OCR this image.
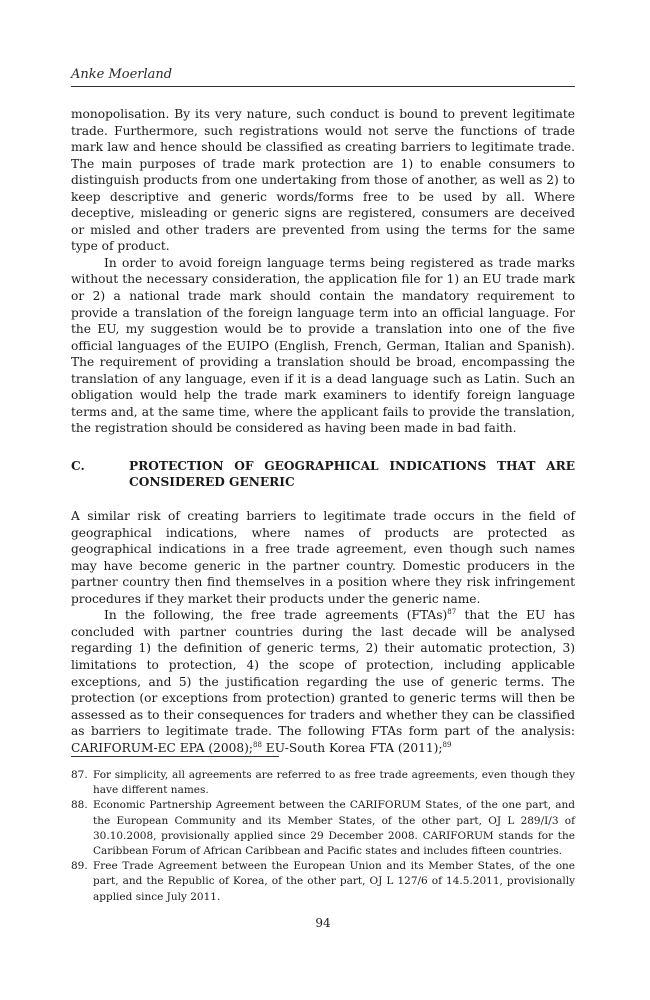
Anke Moerland

monopolisation. By its very nature, such conduct is bound to prevent legitimate trade. Furthermore, such registrations would not serve the functions of trade mark law and hence should be classified as creating barriers to legitimate trade. The main purposes of trade mark protection are 1) to enable consumers to distinguish products from one undertaking from those of another, as well as 2) to keep descriptive and generic words/forms free to be used by all. Where deceptive, misleading or generic signs are registered, consumers are deceived or misled and other traders are prevented from using the terms for the same type of product.

In order to avoid foreign language terms being registered as trade marks without the necessary consideration, the application file for 1) an EU trade mark or 2) a national trade mark should contain the mandatory requirement to provide a translation of the foreign language term into an official language. For the EU, my suggestion would be to provide a translation into one of the five official languages of the EUIPO (English, French, German, Italian and Spanish). The requirement of providing a translation should be broad, encompassing the translation of any language, even if it is a dead language such as Latin. Such an obligation would help the trade mark examiners to identify foreign language terms and, at the same time, where the applicant fails to provide the translation, the registration should be considered as having been made in bad faith.

C.	PROTECTION OF GEOGRAPHICAL INDICATIONS THAT ARE CONSIDERED GENERIC

A similar risk of creating barriers to legitimate trade occurs in the field of geographical indications, where names of products are protected as geographical indications in a free trade agreement, even though such names may have become generic in the partner country. Domestic producers in the partner country then find themselves in a position where they risk infringement procedures if they market their products under the generic name.

In the following, the free trade agreements (FTAs)$^{87}$ that the EU has concluded with partner countries during the last decade will be analysed regarding 1) the definition of generic terms, 2) their automatic protection, 3) limitations to protection, 4) the scope of protection, including applicable exceptions, and 5) the justification regarding the use of generic terms. The protection (or exceptions from protection) granted to generic terms will then be assessed as to their consequences for traders and whether they can be classified as barriers to legitimate trade. The following FTAs form part of the analysis: CARIFORUM-EC EPA (2008);$^{88}$ EU-South Korea FTA (2011);$^{89}$

87. For simplicity, all agreements are referred to as free trade agreements, even though they have different names.
88. Economic Partnership Agreement between the CARIFORUM States, of the one part, and the European Community and its Member States, of the other part, OJ L 289/I/3 of 30.10.2008, provisionally applied since 29 December 2008. CARIFORUM stands for the Caribbean Forum of African Caribbean and Pacific states and includes fifteen countries.
89. Free Trade Agreement between the European Union and its Member States, of the one part, and the Republic of Korea, of the other part, OJ L 127/6 of 14.5.2011, provisionally applied since July 2011.
94
